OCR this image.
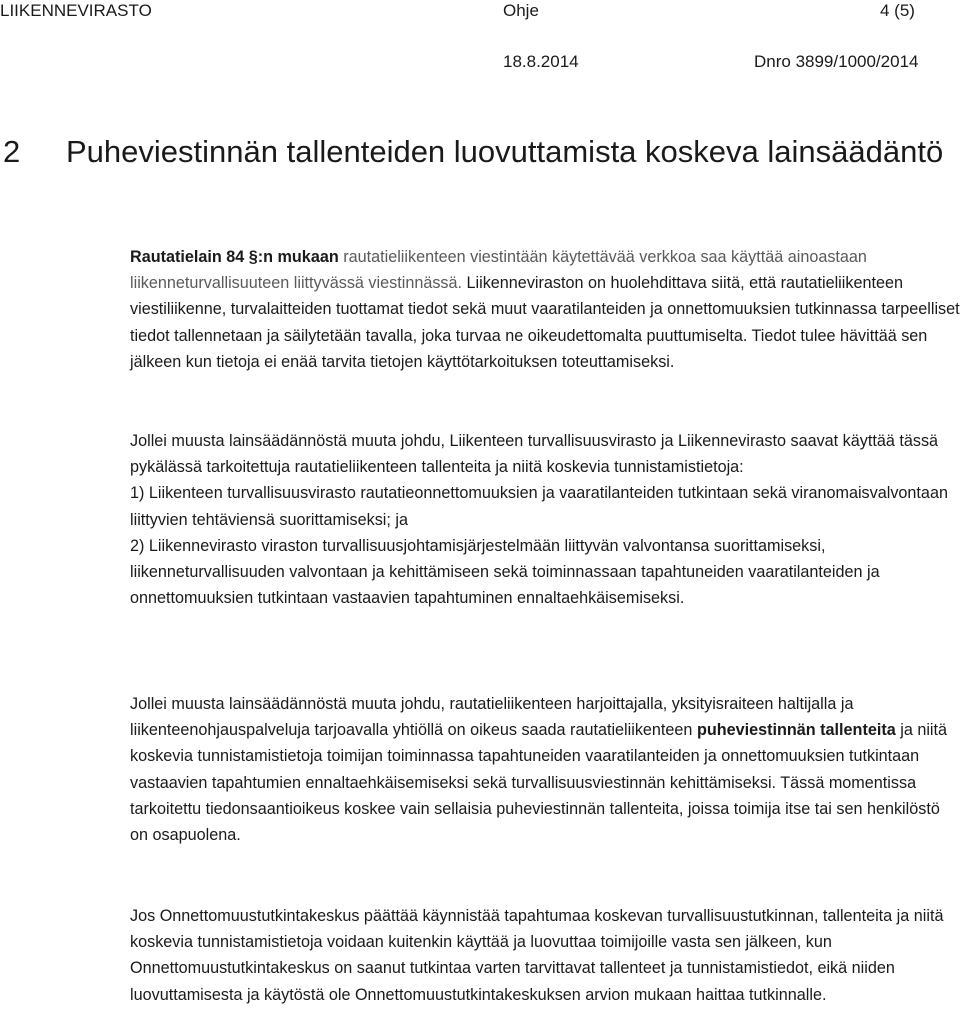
LIIKENNEVIRASTO	Ohje	4 (5)
18.8.2014	Dnro 3899/1000/2014
2 Puheviestinnän tallenteiden luovuttamista koskeva lainsäädäntö

Rautatielain 84 §:n mukaan rautatieliikenteen viestintään käytettävää verkkoa saa käyttää ainoastaan liikenneturvallisuuteen liittyvässä viestinnässä. Liikenneviraston on huolehdittava siitä, että rautatieliikenteen viestiliikenne, turvalaitteiden tuottamat tiedot sekä muut vaaratilanteiden ja onnettomuuksien tutkinnassa tarpeelliset tiedot tallennetaan ja säilytetään tavalla, joka turvaa ne oikeudettomalta puuttumiselta. Tiedot tulee hävittää sen jälkeen kun tietoja ei enää tarvita tietojen käyttötarkoituksen toteuttamiseksi.

Jollei muusta lainsäädännöstä muuta johdu, Liikenteen turvallisuusvirasto ja Liikennevirasto saavat käyttää tässä pykälässä tarkoitettuja rautatieliikenteen tallenteita ja niitä koskevia tunnistamistietoja:

1) Liikenteen turvallisuusvirasto rautatieonnettomuuksien ja vaaratilanteiden tutkintaan sekä viranomaisvalvontaan liittyvien tehtäviensä suorittamiseksi; ja

2) Liikennevirasto viraston turvallisuusjohtamisjärjestelmään liittyvän valvontansa suorittamiseksi, liikenneturvallisuuden valvontaan ja kehittämiseen sekä toiminnassaan tapahtuneiden vaaratilanteiden ja onnettomuuksien tutkintaan vastaavien tapahtuminen ennaltaehkäisemiseksi.

Jollei muusta lainsäädännöstä muuta johdu, rautatieliikenteen harjoittajalla, yksityisraiteen haltijalla ja liikenteenohjauspalveluja tarjoavalla yhtiöllä on oikeus saada rautatieliikenteen puheviestinnän tallenteita ja niitä koskevia tunnistamistietoja toimijan toiminnassa tapahtuneiden vaaratilanteiden ja onnettomuuksien tutkintaan vastaavien tapahtumien ennaltaehkäisemiseksi sekä turvallisuusviestinnän kehittämiseksi. Tässä momentissa tarkoitettu tiedonsaantioikeus koskee vain sellaisia puheviestinnän tallenteita, joissa toimija itse tai sen henkilöstö on osapuolena.

Jos Onnettomuustutkintakeskus päättää käynnistää tapahtumaa koskevan turvallisuustutkinnan, tallenteita ja niitä koskevia tunnistamistietoja voidaan kuitenkin käyttää ja luovuttaa toimijoille vasta sen jälkeen, kun Onnettomuustutkintakeskus on saanut tutkintaa varten tarvittavat tallenteet ja tunnistamistiedot, eikä niiden luovuttamisesta ja käytöstä ole Onnettomuustutkintakeskuksen arvion mukaan haittaa tutkinnalle.
